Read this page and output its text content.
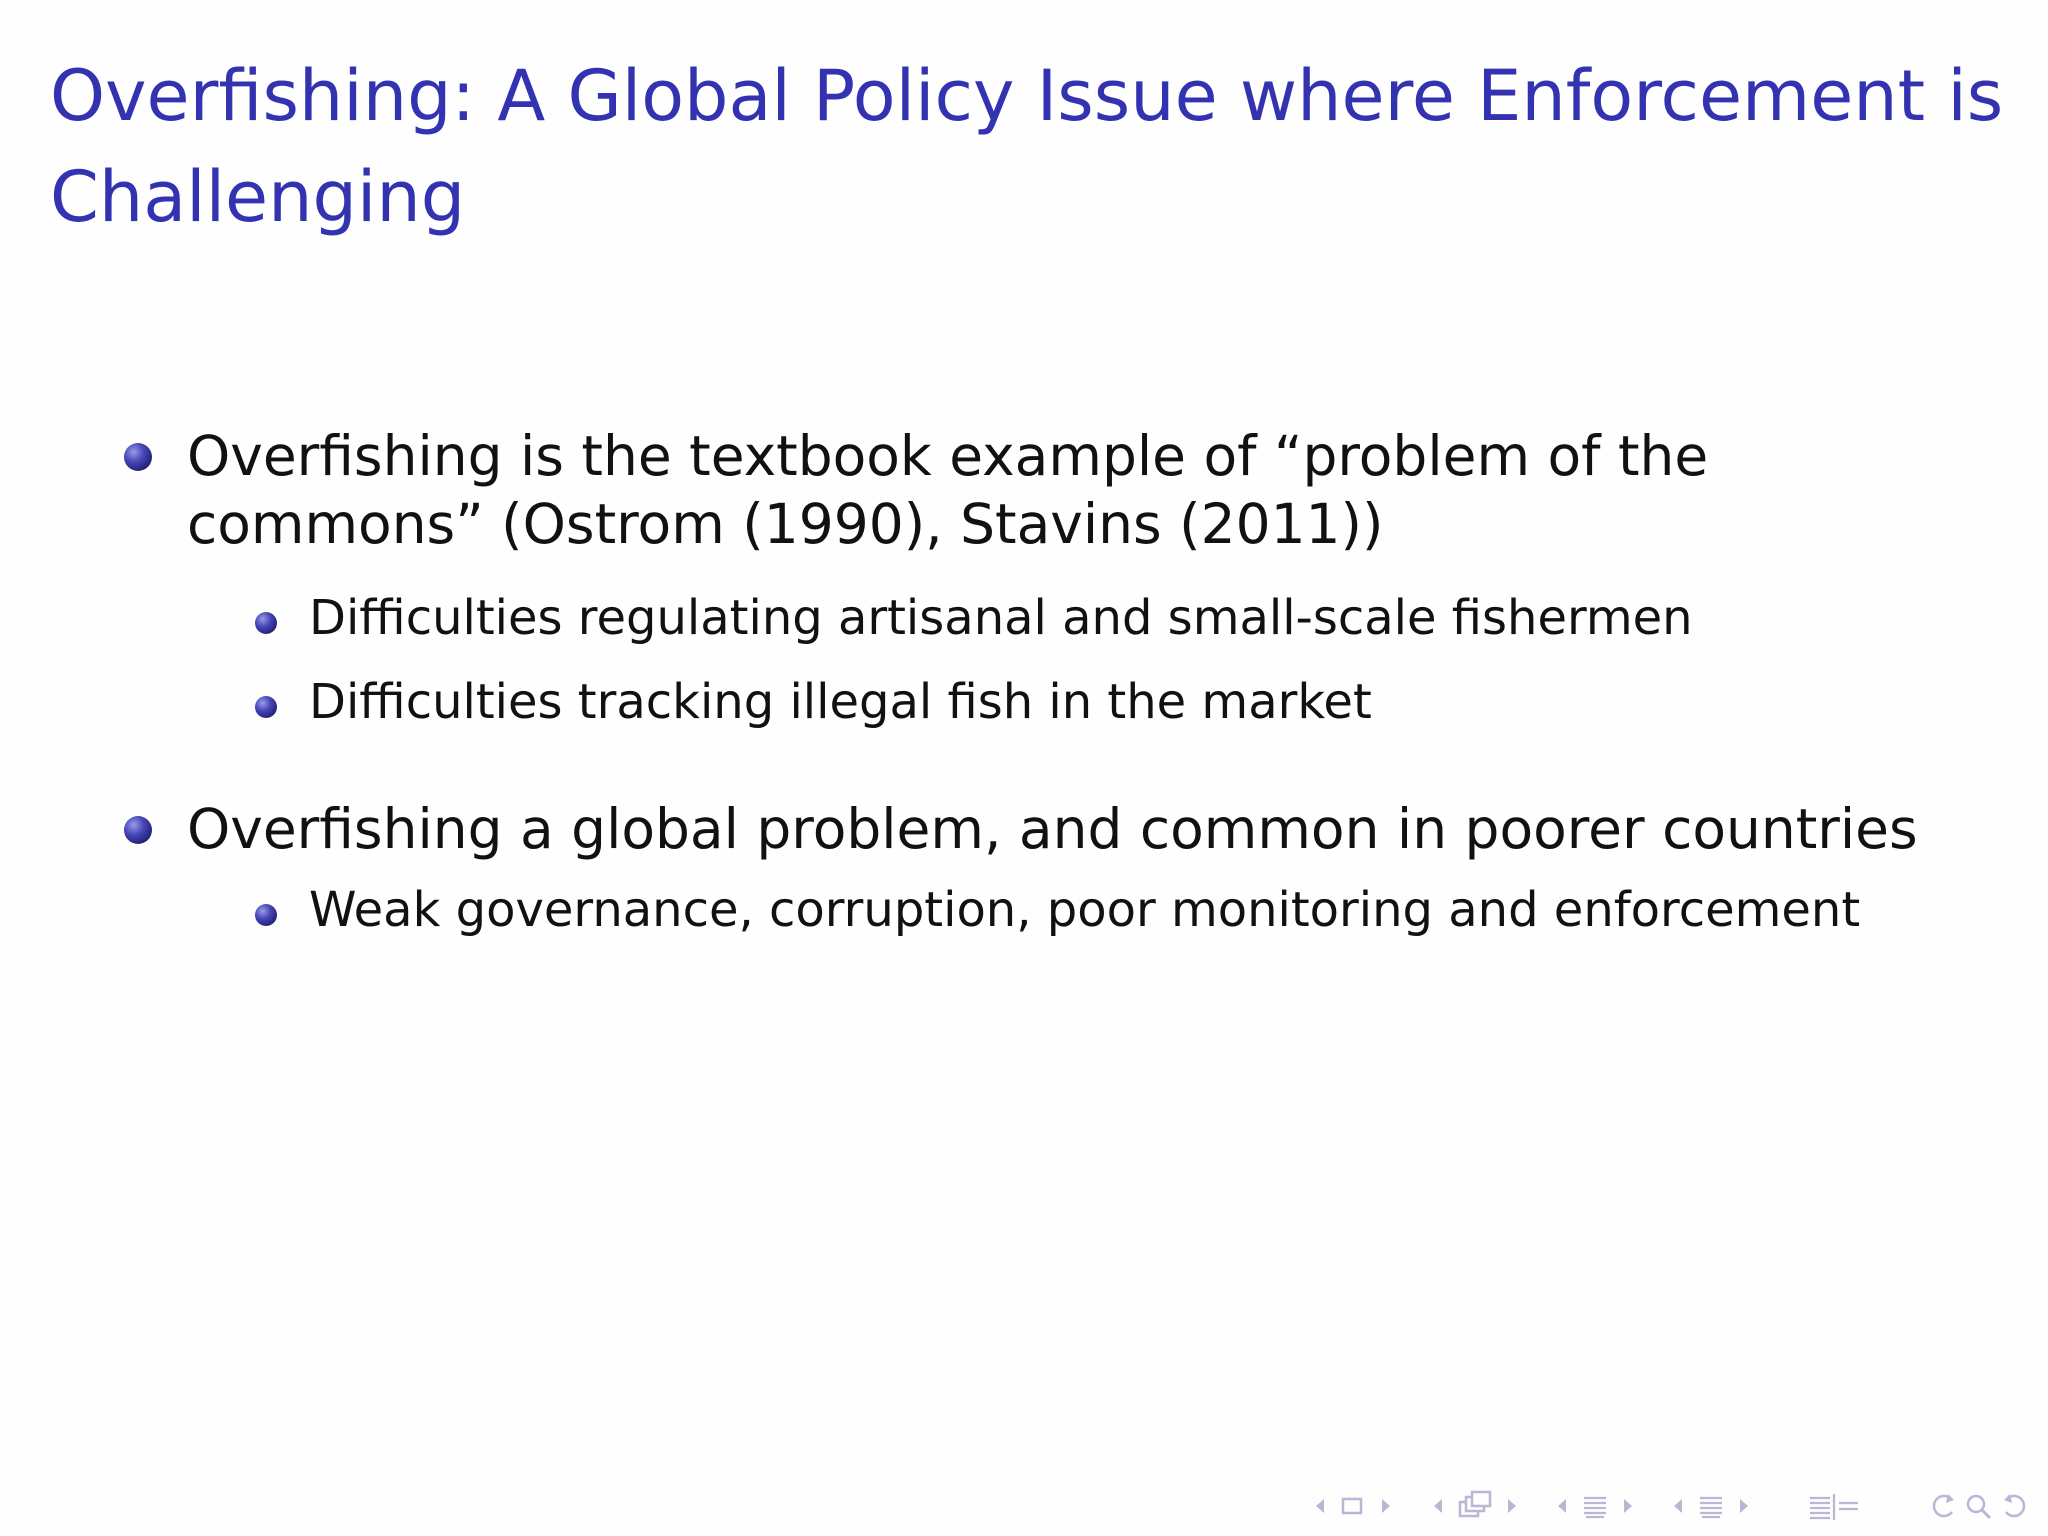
Overfishing: A Global Policy Issue where Enforcement is Challenging
Overfishing is the textbook example of “problem of the commons” (Ostrom (1990), Stavins (2011))
Difficulties regulating artisanal and small-scale fishermen
Difficulties tracking illegal fish in the market
Overfishing a global problem, and common in poorer countries
Weak governance, corruption, poor monitoring and enforcement
